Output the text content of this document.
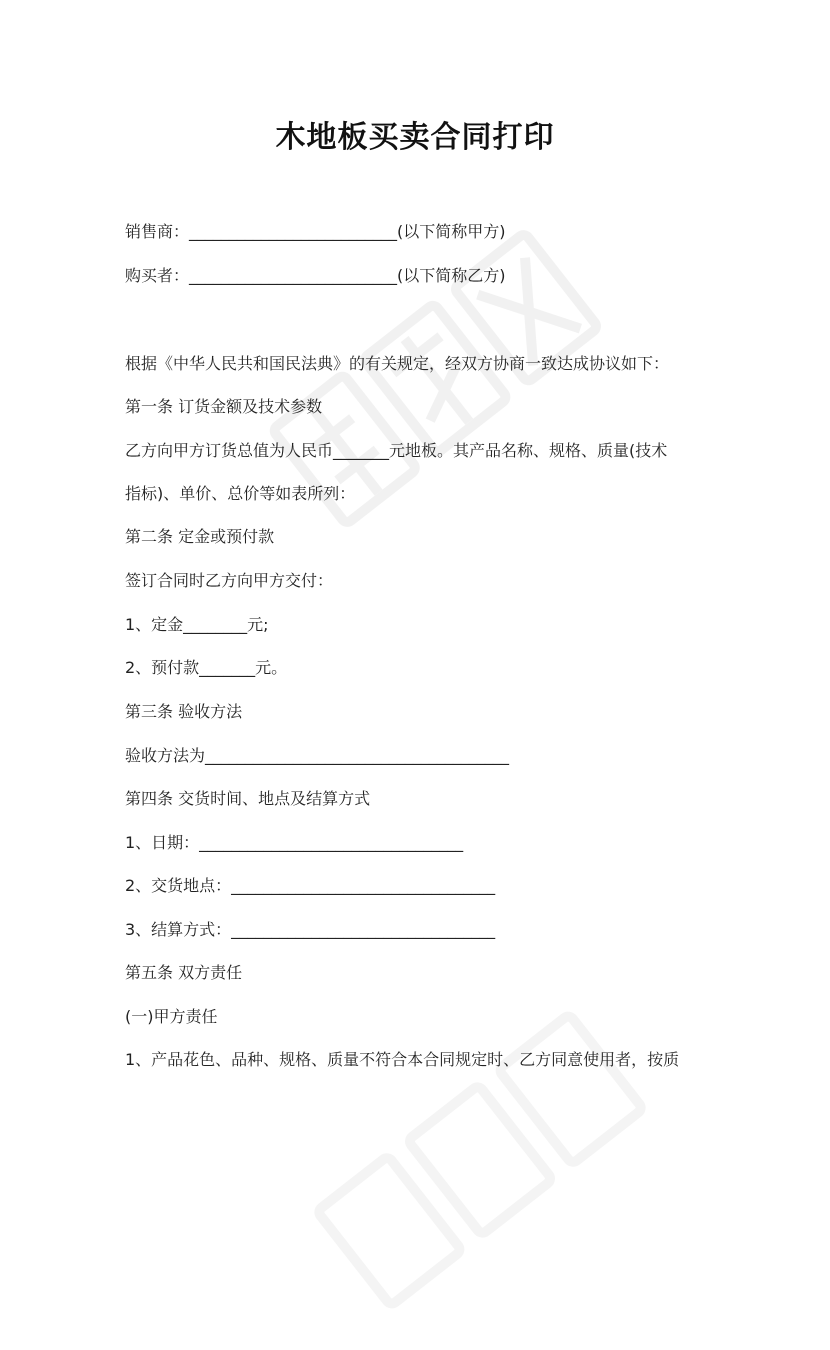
木地板买卖合同打印
销售商：__________________________(以下简称甲方)
购买者：__________________________(以下简称乙方)
根据《中华人民共和国民法典》的有关规定，经双方协商一致达成协议如下：
第一条 订货金额及技术参数
乙方向甲方订货总值为人民币_______元地板。其产品名称、规格、质量(技术
指标)、单价、总价等如表所列：
第二条 定金或预付款
签订合同时乙方向甲方交付：
1、定金________元;
2、预付款_______元。
第三条 验收方法
验收方法为______________________________________
第四条 交货时间、地点及结算方式
1、日期：_________________________________
2、交货地点：_________________________________
3、结算方式：_________________________________
第五条 双方责任
(一)甲方责任
1、产品花色、品种、规格、质量不符合本合同规定时、乙方同意使用者，按质
